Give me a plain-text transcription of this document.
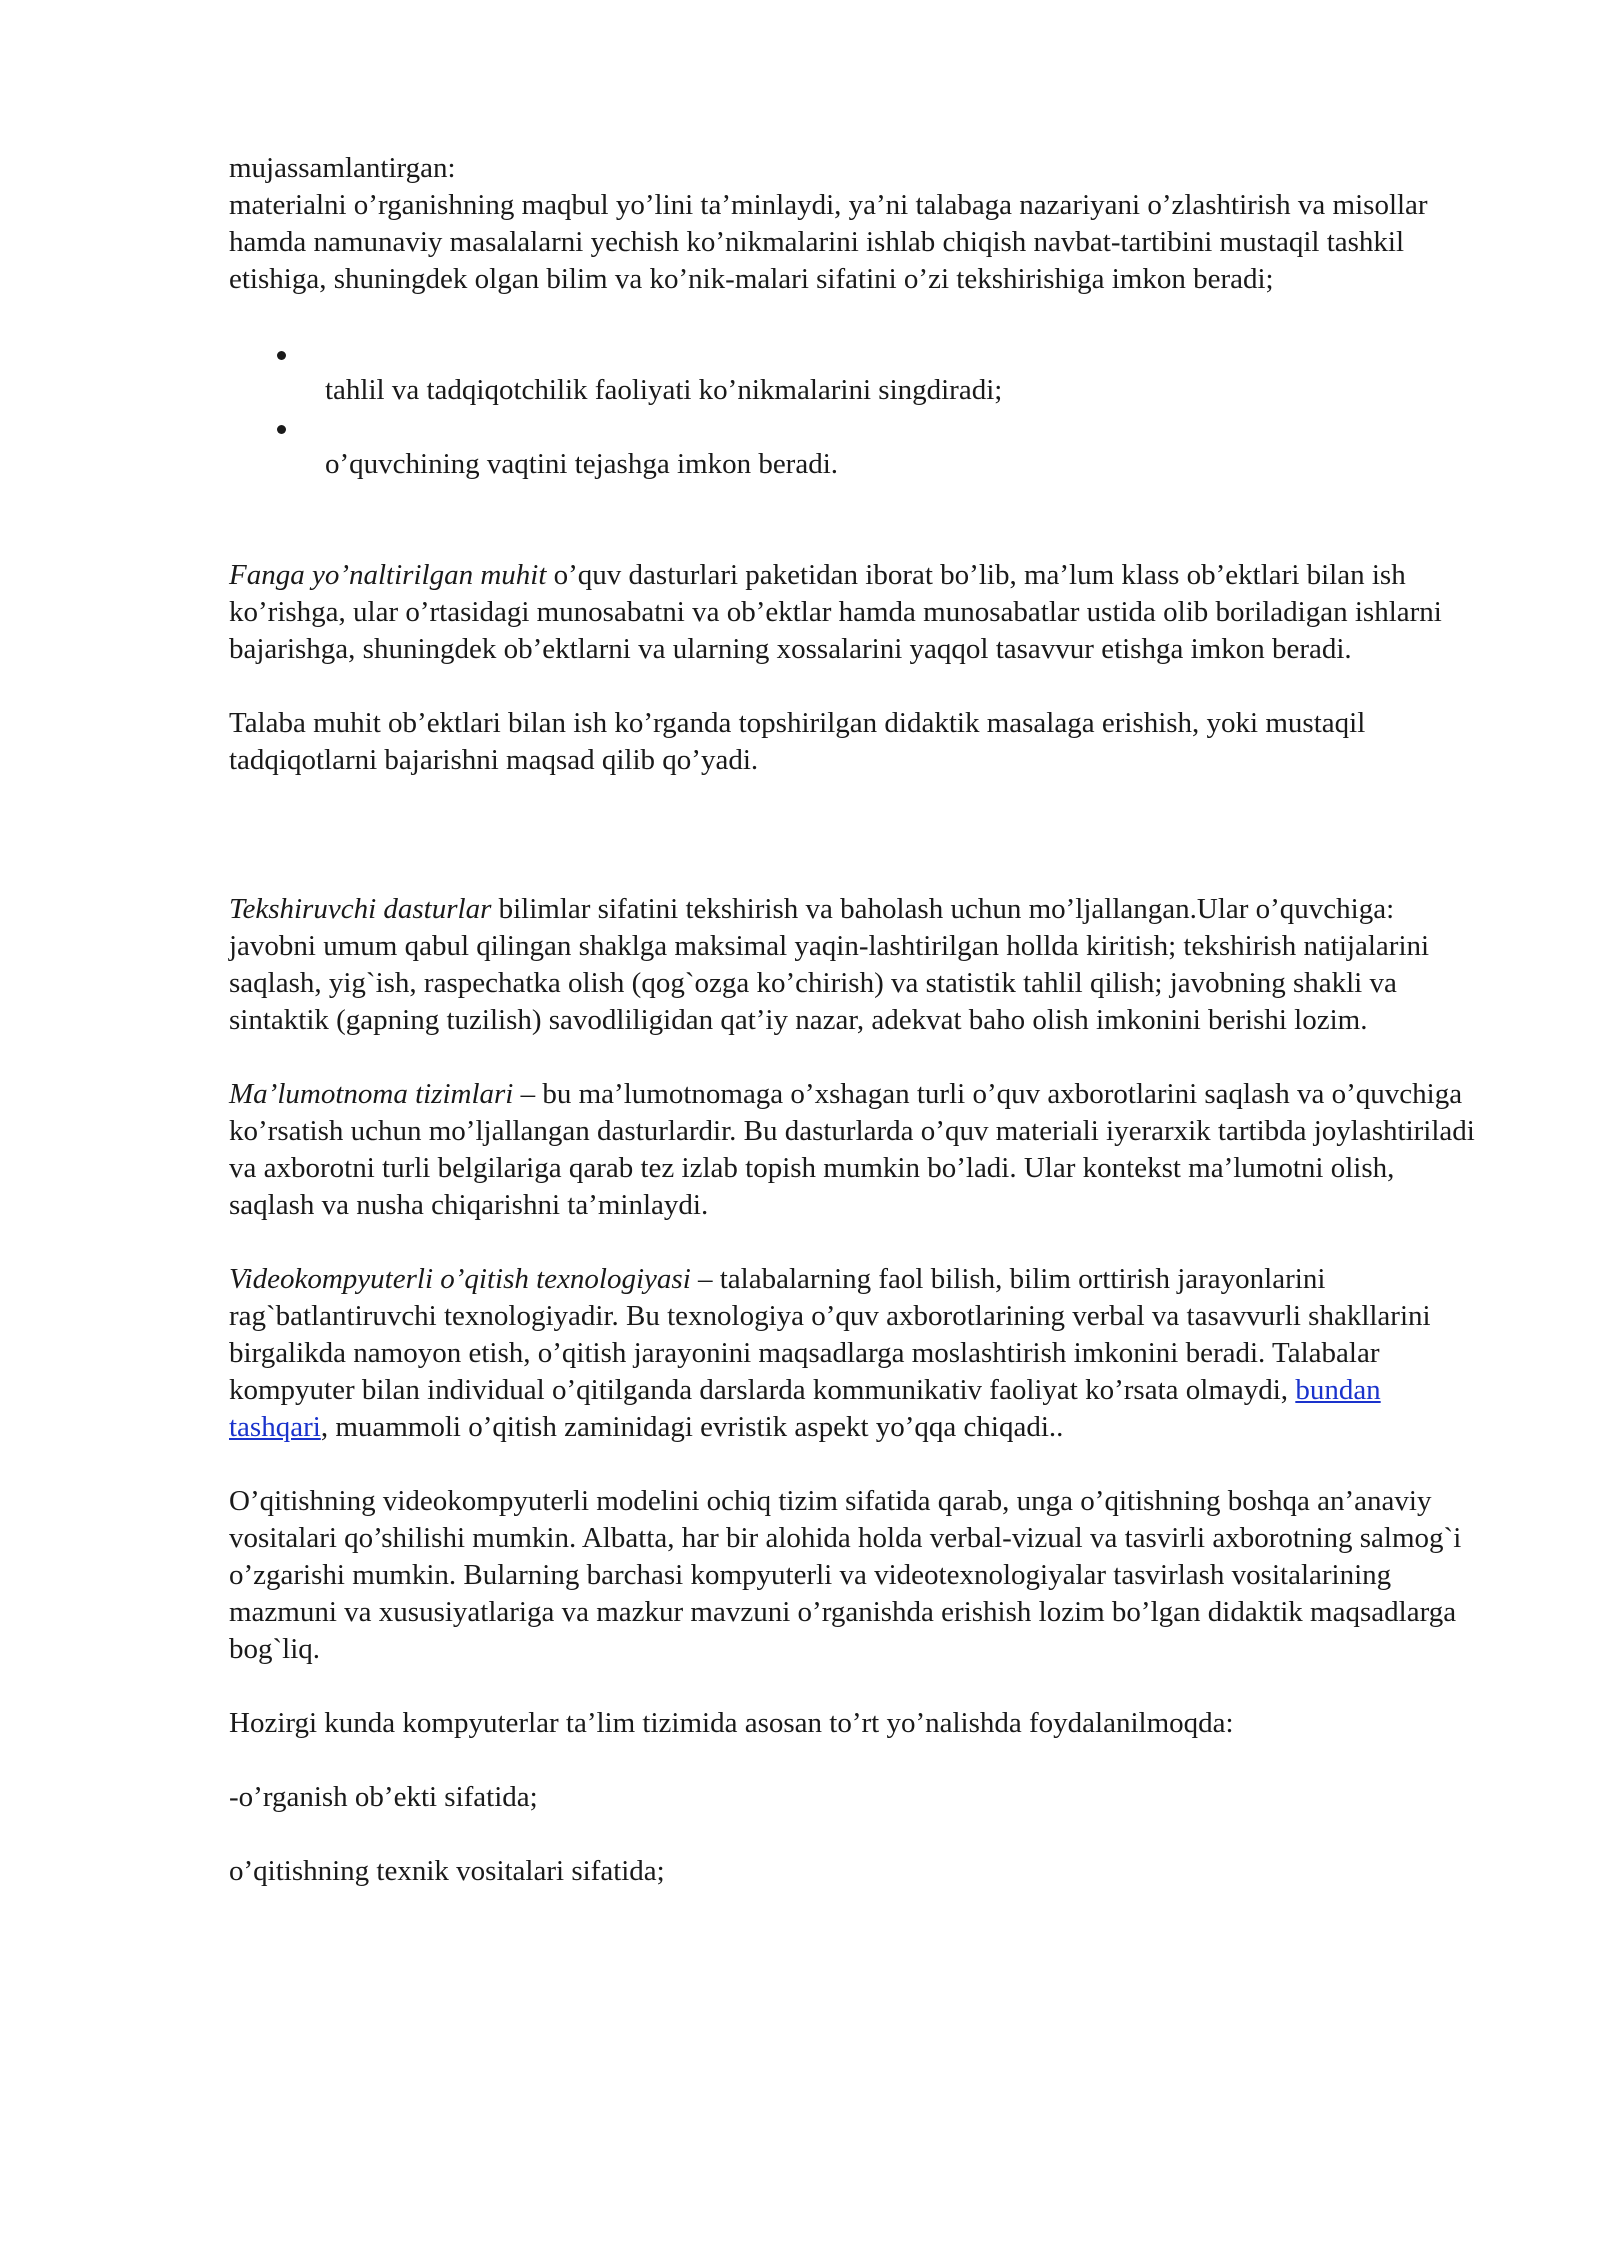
mujassamlantirgan:

materialni o’rganishning maqbul yo’lini ta’minlaydi, ya’ni talabaga nazariyani o’zlashtirish va misollar hamda namunaviy masalalarni yechish ko’nikmalarini ishlab chiqish navbat-tartibini mustaqil tashkil etishiga, shuningdek olgan bilim va ko’nik-malari sifatini o’zi tekshirishiga imkon beradi;

tahlil va tadqiqotchilik faoliyati ko’nikmalarini singdiradi;
o’quvchining vaqtini tejashga imkon beradi.

Fanga yo’naltirilgan muhit o’quv dasturlari paketidan iborat bo’lib, ma’lum klass ob’ektlari bilan ish ko’rishga, ular o’rtasidagi munosabatni va ob’ektlar hamda munosabatlar ustida olib boriladigan ishlarni bajarishga, shuningdek ob’ektlarni va ularning xossalarini yaqqol tasavvur etishga imkon beradi.

Talaba muhit ob’ektlari bilan ish ko’rganda topshirilgan didaktik masalaga erishish, yoki mustaqil tadqiqotlarni bajarishni maqsad qilib qo’yadi.

Tekshiruvchi dasturlar bilimlar sifatini tekshirish va baholash uchun mo’ljallangan.Ular o’quvchiga: javobni umum qabul qilingan shaklga maksimal yaqin-lashtirilgan hollda kiritish; tekshirish natijalarini saqlash, yig`ish, raspechatka olish (qog`ozga ko’chirish) va statistik tahlil qilish; javobning shakli va sintaktik (gapning tuzilish) savodliligidan qat’iy nazar, adekvat baho olish imkonini berishi lozim.

Ma’lumotnoma tizimlari – bu ma’lumotnomaga o’xshagan turli o’quv axborotlarini saqlash va o’quvchiga ko’rsatish uchun mo’ljallangan dasturlardir. Bu dasturlarda o’quv materiali iyerarxik tartibda joylashtiriladi va axborotni turli belgilariga qarab tez izlab topish mumkin bo’ladi. Ular kontekst ma’lumotni olish, saqlash va nusha chiqarishni ta’minlaydi.

Videokompyuterli o’qitish texnologiyasi – talabalarning faol bilish, bilim orttirish jarayonlarini rag`batlantiruvchi texnologiyadir. Bu texnologiya o’quv axborotlarining verbal va tasavvurli shakllarini birgalikda namoyon etish, o’qitish jarayonini maqsadlarga moslashtirish imkonini beradi. Talabalar kompyuter bilan individual o’qitilganda darslarda kommunikativ faoliyat ko’rsata olmaydi, bundan tashqari, muammoli o’qitish zaminidagi evristik aspekt yo’qqa chiqadi..

O’qitishning videokompyuterli modelini ochiq tizim sifatida qarab, unga o’qitishning boshqa an’anaviy vositalari qo’shilishi mumkin. Albatta, har bir alohida holda verbal-vizual va tasvirli axborotning salmog`i o’zgarishi mumkin. Bularning barchasi kompyuterli va videotexnologiyalar tasvirlash vositalarining mazmuni va xususiyatlariga va mazkur mavzuni o’rganishda erishish lozim bo’lgan didaktik maqsadlarga bog`liq.

Hozirgi kunda kompyuterlar ta’lim tizimida asosan to’rt yo’nalishda foydalanilmoqda:

-o’rganish ob’ekti sifatida;

o’qitishning texnik vositalari sifatida;
